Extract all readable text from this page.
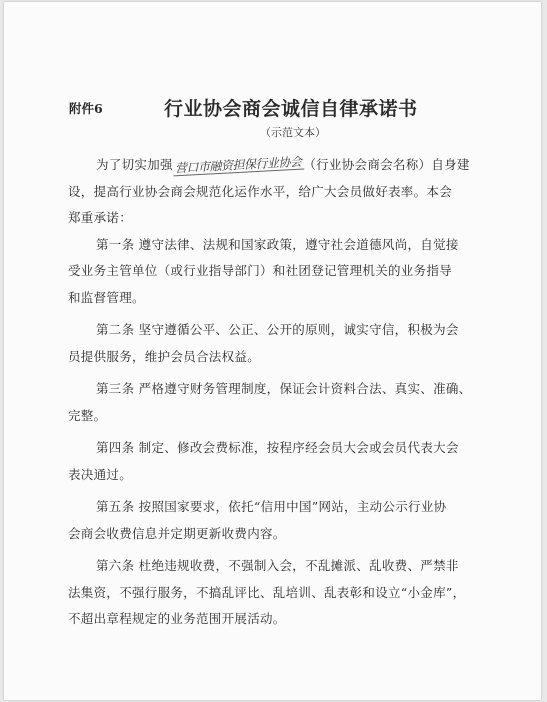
附件6	行业协会商会诚信自律承诺书
（示范文本）
为了切实加强 营口市融资担保行业协会 （行业协会商会名称）自身建
设，提高行业协会商会规范化运作水平，给广大会员做好表率。本会
郑重承诺：
第一条 遵守法律、法规和国家政策，遵守社会道德风尚，自觉接
受业务主管单位（或行业指导部门）和社团登记管理机关的业务指导
和监督管理。
第二条 坚守遵循公平、公正、公开的原则，诚实守信，积极为会
员提供服务，维护会员合法权益。
第三条 严格遵守财务管理制度，保证会计资料合法、真实、准确、
完整。
第四条 制定、修改会费标准，按程序经会员大会或会员代表大会
表决通过。
第五条 按照国家要求，依托“信用中国”网站，主动公示行业协
会商会收费信息并定期更新收费内容。
第六条 杜绝违规收费，不强制入会，不乱摊派、乱收费、严禁非
法集资，不强行服务，不搞乱评比、乱培训、乱表彰和设立“小金库”，
不超出章程规定的业务范围开展活动。
